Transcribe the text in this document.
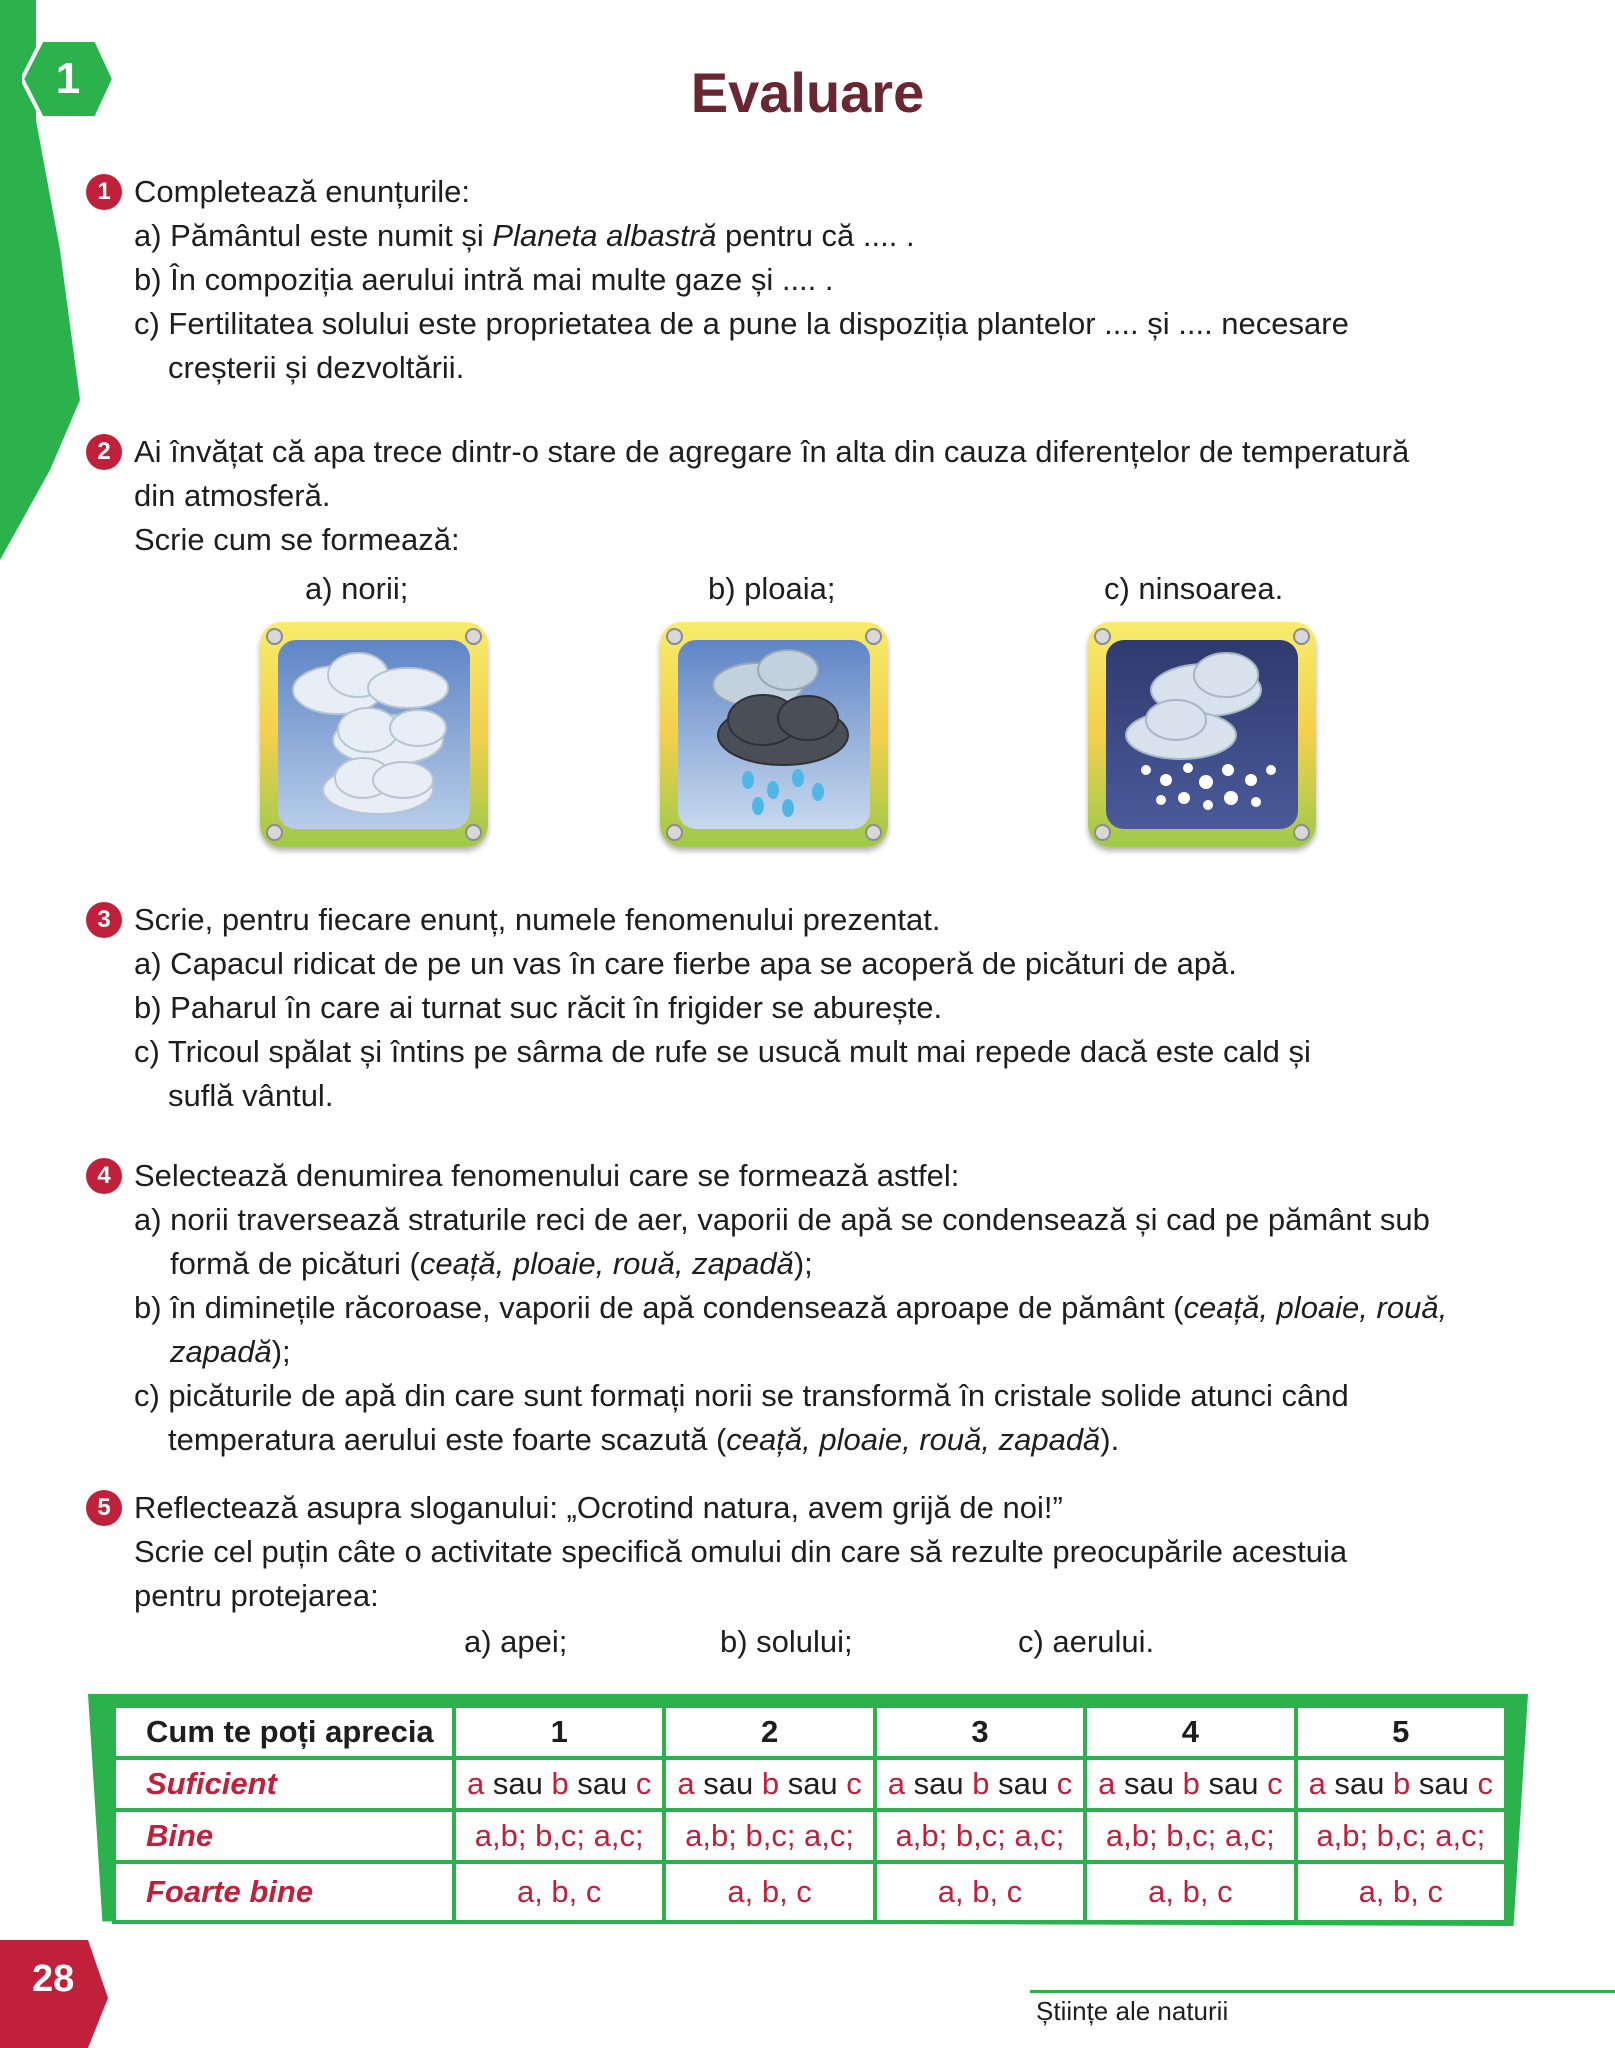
1	Evaluare
1 Completează enunțurile:
a) Pământul este numit și Planeta albastră pentru că .... .
b) În compoziția aerului intră mai multe gaze și .... .
c) Fertilitatea solului este proprietatea de a pune la dispoziția plantelor .... și .... necesare
creșterii și dezvoltării.
2 Ai învățat că apa trece dintr-o stare de agregare în alta din cauza diferențelor de temperatură
din atmosferă.
Scrie cum se formează:
a) norii;	b) ploaia;	c) ninsoarea.
3 Scrie, pentru fiecare enunț, numele fenomenului prezentat.
a) Capacul ridicat de pe un vas în care fierbe apa se acoperă de picături de apă.
b) Paharul în care ai turnat suc răcit în frigider se aburește.
c) Tricoul spălat și întins pe sârma de rufe se usucă mult mai repede dacă este cald și
suflă vântul.
4 Selectează denumirea fenomenului care se formează astfel:
a) norii traversează straturile reci de aer, vaporii de apă se condensează și cad pe pământ sub
formă de picături (ceață, ploaie, rouă, zapadă);
b) în diminețile răcoroase, vaporii de apă condensează aproape de pământ (ceață, ploaie, rouă,
zapadă);
c) picăturile de apă din care sunt formați norii se transformă în cristale solide atunci când
temperatura aerului este foarte scazută (ceață, ploaie, rouă, zapadă).
5 Reflectează asupra sloganului: „Ocrotind natura, avem grijă de noi!”
Scrie cel puțin câte o activitate specifică omului din care să rezulte preocupările acestuia
pentru protejarea:
a) apei;	b) solului;	c) aerului.
Cum te poți aprecia	1	2	3	4	5
Suficient	a sau b sau c	a sau b sau c	a sau b sau c	a sau b sau c	a sau b sau c
Bine	a,b; b,c; a,c;	a,b; b,c; a,c;	a,b; b,c; a,c;	a,b; b,c; a,c;	a,b; b,c; a,c;
Foarte bine	a, b, c	a, b, c	a, b, c	a, b, c	a, b, c
28
Științe ale naturii
